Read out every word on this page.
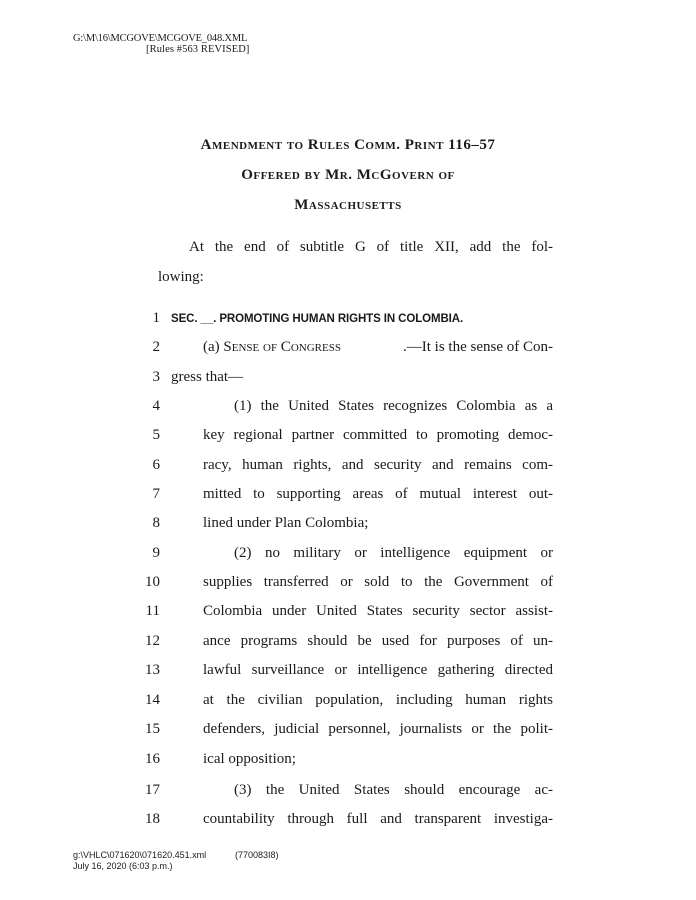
G:\M\16\MCGOVE\MCGOVE_048.XML
[Rules #563 REVISED]
Amendment to Rules Comm. Print 116–57
Offered by Mr. McGovern of
Massachusetts
At the end of subtitle G of title XII, add the fol-
lowing:
1 SEC. __. PROMOTING HUMAN RIGHTS IN COLOMBIA.
2	(a) Sense of Congress	.—It is the sense of Con-
3 gress that—
4	(1) the United States recognizes Colombia as a
5	key regional partner committed to promoting democ-
6	racy, human rights, and security and remains com-
7	mitted to supporting areas of mutual interest out-
8	lined under Plan Colombia;
9	(2) no military or intelligence equipment or
10	supplies transferred or sold to the Government of
11	Colombia under United States security sector assist-
12	ance programs should be used for purposes of un-
13	lawful surveillance or intelligence gathering directed
14	at the civilian population, including human rights
15	defenders, judicial personnel, journalists or the polit-
16	ical opposition;
17	(3) the United States should encourage ac-
18	countability through full and transparent investiga-
g:\VHLC\071620\071620.451.xml	(770083I8)
July 16, 2020 (6:03 p.m.)
